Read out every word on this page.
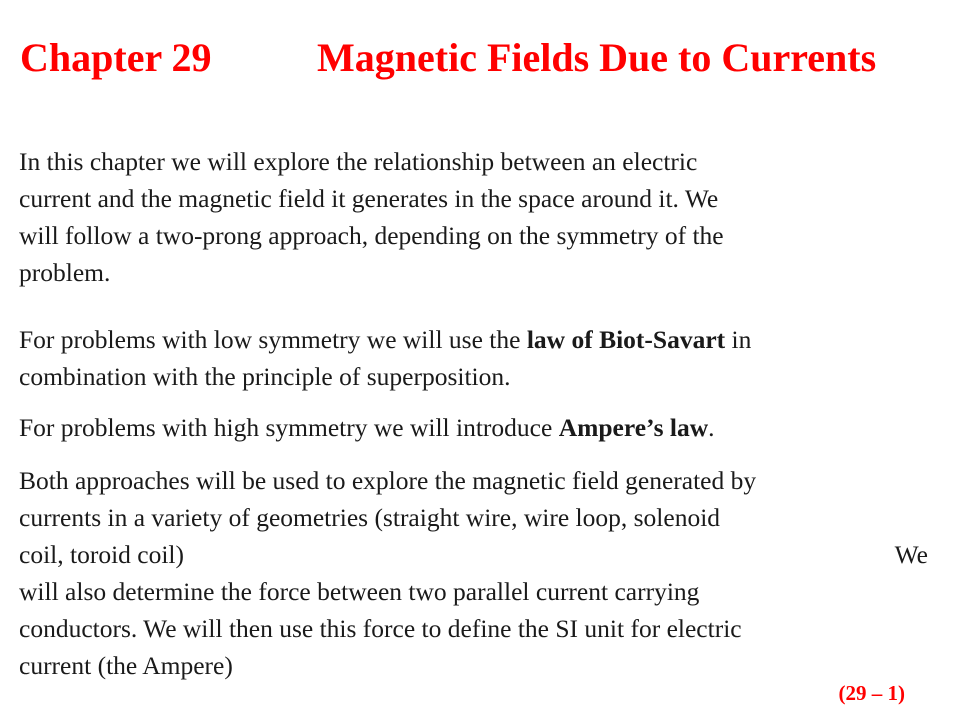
Chapter 29	Magnetic Fields Due to Currents
In this chapter we will explore the relationship between an electric
current and the magnetic field it generates in the space around it. We
will follow a two-prong approach, depending on the symmetry of the
problem.
For problems with low symmetry we will use the law of Biot-Savart in
combination with the principle of superposition.
For problems with high symmetry we will introduce Ampere’s law.
Both approaches will be used to explore the magnetic field generated by
currents in a variety of geometries (straight wire, wire loop, solenoid
coil, toroid coil)	We
will also determine the force between two parallel current carrying
conductors. We will then use this force to define the SI unit for electric
current (the Ampere)
(29 – 1)
